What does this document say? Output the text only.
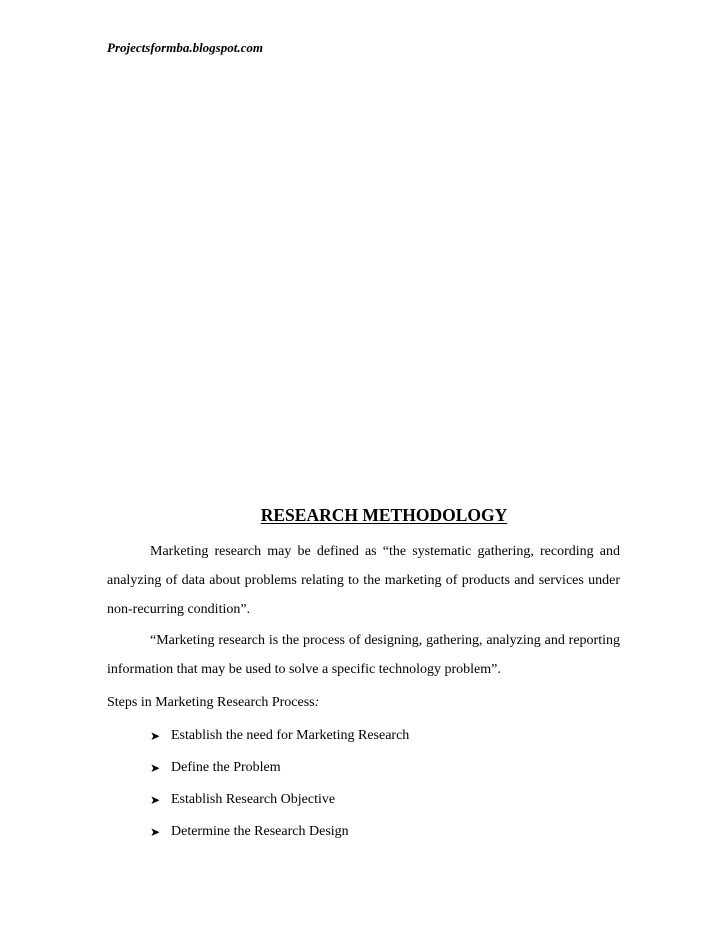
Projectsformba.blogspot.com
RESEARCH METHODOLOGY

Marketing research may be defined as “the systematic gathering, recording and analyzing of data about problems relating to the marketing of products and services under non-recurring condition”.

“Marketing research is the process of designing, gathering, analyzing and reporting information that may be used to solve a specific technology problem”.

Steps in Marketing Research Process:

➤ Establish the need for Marketing Research
➤ Define the Problem
➤ Establish Research Objective
➤ Determine the Research Design
